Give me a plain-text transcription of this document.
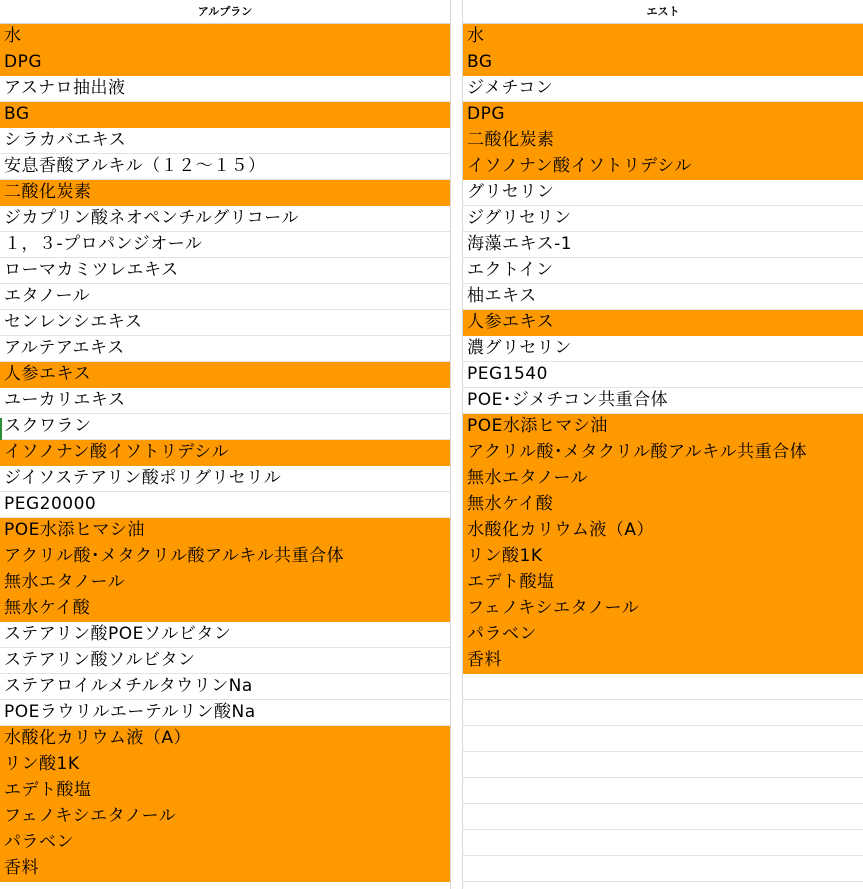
アルプラン
水
DPG
アスナロ抽出液
BG
シラカバエキス
安息香酸アルキル（１２～１５）
二酸化炭素
ジカプリン酸ネオペンチルグリコール
１，３-プロパンジオール
ローマカミツレエキス
エタノール
センレンシエキス
アルテアエキス
人参エキス
ユーカリエキス
スクワラン
イソノナン酸イソトリデシル
ジイソステアリン酸ポリグリセリル
PEG20000
POE水添ヒマシ油
アクリル酸･メタクリル酸アルキル共重合体
無水エタノール
無水ケイ酸
ステアリン酸POEソルビタン
ステアリン酸ソルビタン
ステアロイルメチルタウリンNa
POEラウリルエーテルリン酸Na
水酸化カリウム液（A）
リン酸1K
エデト酸塩
フェノキシエタノール
パラベン
香料
エスト
水
BG
ジメチコン
DPG
二酸化炭素
イソノナン酸イソトリデシル
グリセリン
ジグリセリン
海藻エキス-1
エクトイン
柚エキス
人参エキス
濃グリセリン
PEG1540
POE･ジメチコン共重合体
POE水添ヒマシ油
アクリル酸･メタクリル酸アルキル共重合体
無水エタノール
無水ケイ酸
水酸化カリウム液（A）
リン酸1K
エデト酸塩
フェノキシエタノール
パラベン
香料
